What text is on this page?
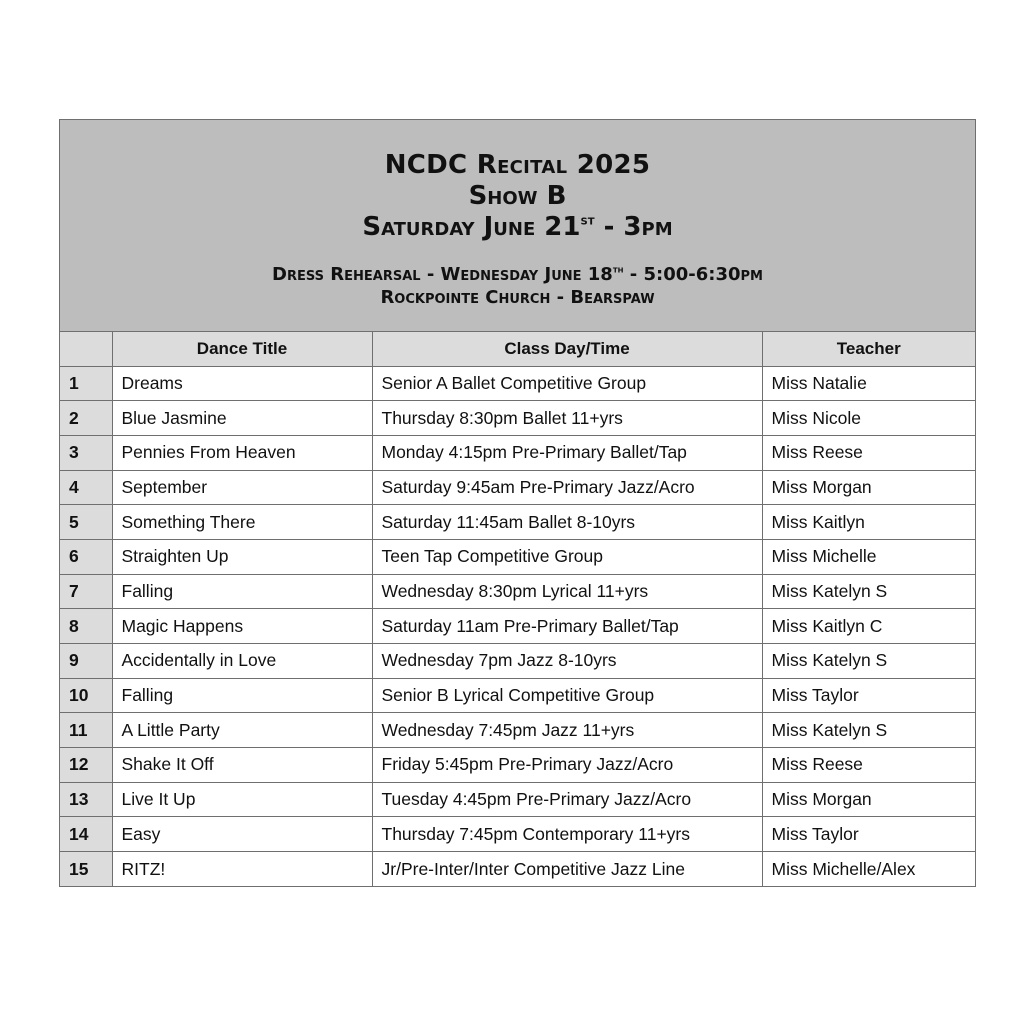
NCDC Recital 2025
Show B
Saturday June 21st - 3pm
Dress Rehearsal - Wednesday June 18th - 5:00-6:30pm
Rockpointe Church - Bearspaw
	Dance Title	Class Day/Time	Teacher
1	Dreams	Senior A Ballet Competitive Group	Miss Natalie
2	Blue Jasmine	Thursday 8:30pm Ballet 11+yrs	Miss Nicole
3	Pennies From Heaven	Monday 4:15pm Pre-Primary Ballet/Tap	Miss Reese
4	September	Saturday 9:45am Pre-Primary Jazz/Acro	Miss Morgan
5	Something There	Saturday 11:45am Ballet 8-10yrs	Miss Kaitlyn
6	Straighten Up	Teen Tap Competitive Group	Miss Michelle
7	Falling	Wednesday 8:30pm Lyrical 11+yrs	Miss Katelyn S
8	Magic Happens	Saturday 11am Pre-Primary Ballet/Tap	Miss Kaitlyn C
9	Accidentally in Love	Wednesday 7pm Jazz 8-10yrs	Miss Katelyn S
10	Falling	Senior B Lyrical Competitive Group	Miss Taylor
11	A Little Party	Wednesday 7:45pm Jazz 11+yrs	Miss Katelyn S
12	Shake It Off	Friday 5:45pm Pre-Primary Jazz/Acro	Miss Reese
13	Live It Up	Tuesday 4:45pm Pre-Primary Jazz/Acro	Miss Morgan
14	Easy	Thursday 7:45pm Contemporary 11+yrs	Miss Taylor
15	RITZ!	Jr/Pre-Inter/Inter Competitive Jazz Line	Miss Michelle/Alex
